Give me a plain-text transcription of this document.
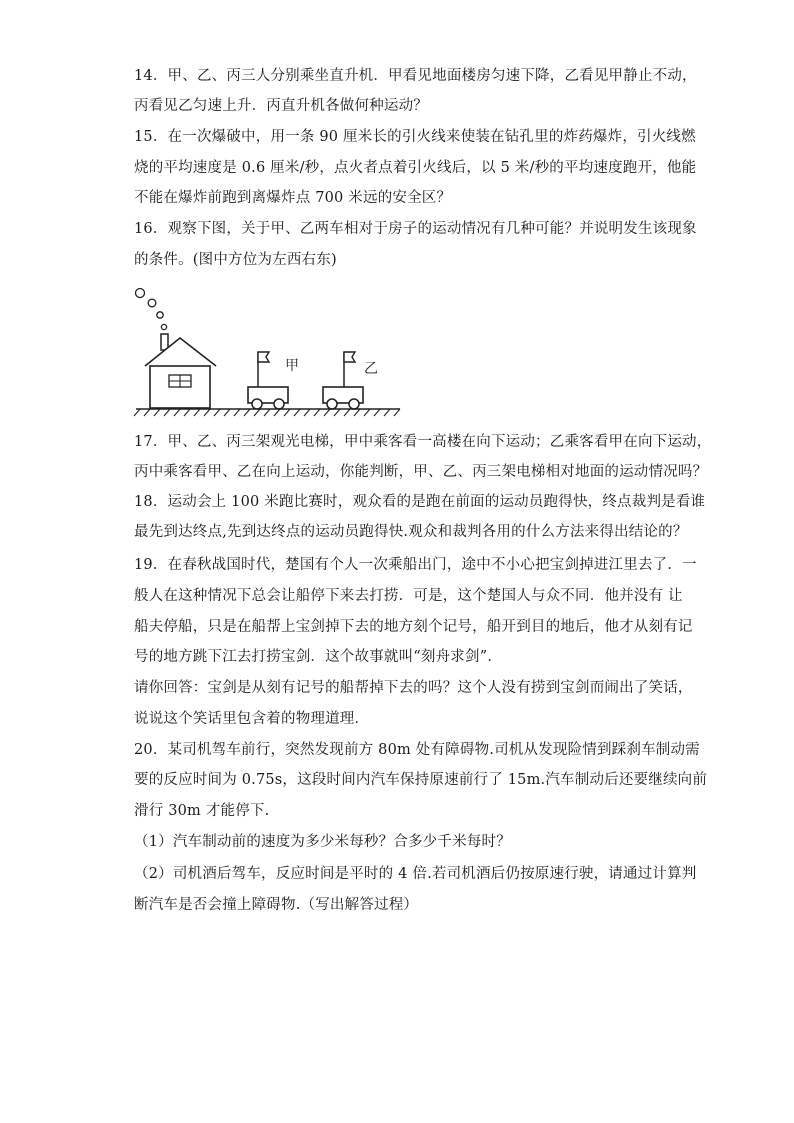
14．甲、乙、丙三人分别乘坐直升机．甲看见地面楼房匀速下降，乙看见甲静止不动，
丙看见乙匀速上升．丙直升机各做何种运动？
15．在一次爆破中，用一条 90 厘米长的引火线来使装在钻孔里的炸药爆炸，引火线燃
烧的平均速度是 0.6 厘米/秒，点火者点着引火线后，以 5 米/秒的平均速度跑开，他能
不能在爆炸前跑到离爆炸点 700 米远的安全区？
16．观察下图，关于甲、乙两车相对于房子的运动情况有几种可能？并说明发生该现象
的条件。(图中方位为左西右东)
甲	乙
17．甲、乙、丙三架观光电梯，甲中乘客看一高楼在向下运动；乙乘客看甲在向下运动，
丙中乘客看甲、乙在向上运动，你能判断，甲、乙、丙三架电梯相对地面的运动情况吗？
18．运动会上 100 米跑比赛时，观众看的是跑在前面的运动员跑得快，终点裁判是看谁
最先到达终点,先到达终点的运动员跑得快.观众和裁判各用的什么方法来得出结论的？
19．在春秋战国时代，楚国有个人一次乘船出门，途中不小心把宝剑掉进江里去了．一
般人在这种情况下总会让船停下来去打捞．可是，这个楚国人与众不同．他并没有 让
船夫停船，只是在船帮上宝剑掉下去的地方刻个记号，船开到目的地后，他才从刻有记
号的地方跳下江去打捞宝剑．这个故事就叫“刻舟求剑”．
请你回答：宝剑是从刻有记号的船帮掉下去的吗？这个人没有捞到宝剑而闹出了笑话，
说说这个笑话里包含着的物理道理．
20．某司机驾车前行，突然发现前方 80m 处有障碍物.司机从发现险情到踩刹车制动需
要的反应时间为 0.75s，这段时间内汽车保持原速前行了 15m.汽车制动后还要继续向前
滑行 30m 才能停下.
（1）汽车制动前的速度为多少米每秒？合多少千米每时？
（2）司机酒后驾车，反应时间是平时的 4 倍.若司机酒后仍按原速行驶，请通过计算判
断汽车是否会撞上障碍物.（写出解答过程）
